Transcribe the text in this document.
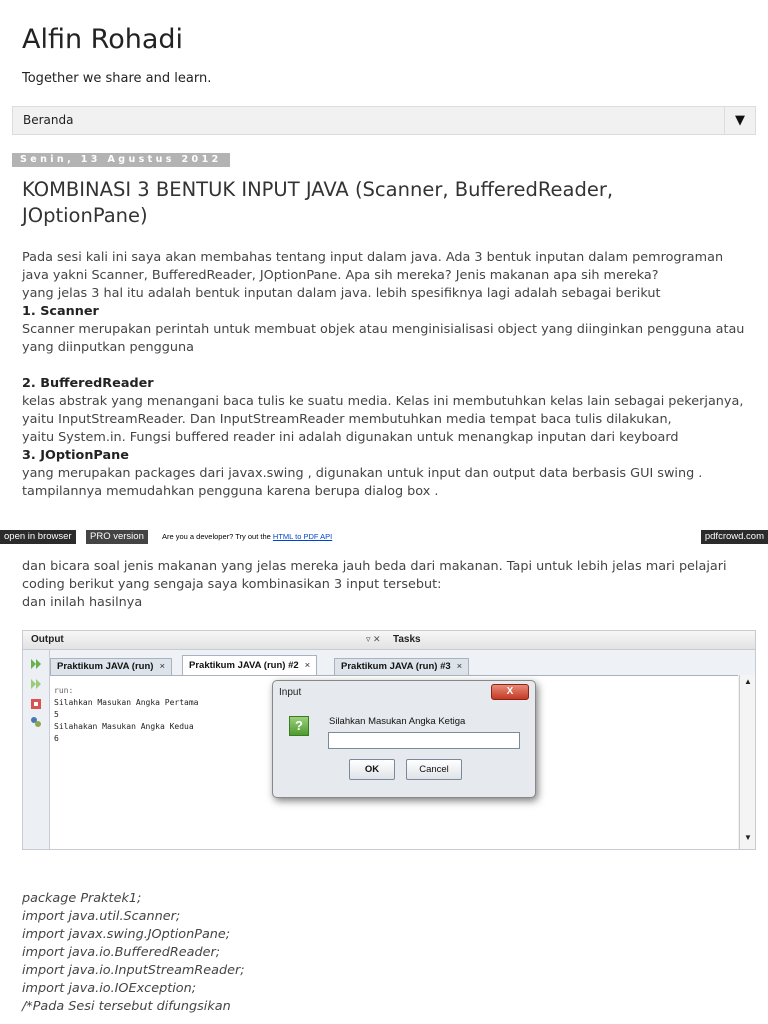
Alfin Rohadi
Together we share and learn.
Beranda	▼
Senin, 13 Agustus 2012
KOMBINASI 3 BENTUK INPUT JAVA (Scanner, BufferedReader, JOptionPane)
Pada sesi kali ini saya akan membahas tentang input dalam java. Ada 3 bentuk inputan dalam pemrograman
java yakni Scanner, BufferedReader, JOptionPane. Apa sih mereka? Jenis makanan apa sih mereka?
yang jelas 3 hal itu adalah bentuk inputan dalam java. lebih spesifiknya lagi adalah sebagai berikut
1. Scanner
Scanner merupakan perintah untuk membuat objek atau menginisialisasi object yang diinginkan pengguna atau
yang diinputkan pengguna
2. BufferedReader
kelas abstrak yang menangani baca tulis ke suatu media. Kelas ini membutuhkan kelas lain sebagai pekerjanya,
yaitu InputStreamReader. Dan InputStreamReader membutuhkan media tempat baca tulis dilakukan,
yaitu System.in. Fungsi buffered reader ini adalah digunakan untuk menangkap inputan dari keyboard
3. JOptionPane
yang merupakan packages dari javax.swing , digunakan untuk input dan output data berbasis GUI swing .
tampilannya memudahkan pengguna karena berupa dialog box .
open in browser	PRO version	Are you a developer? Try out the HTML to PDF API	pdfcrowd.com
dan bicara soal jenis makanan yang jelas mereka jauh beda dari makanan. Tapi untuk lebih jelas mari pelajari
coding berikut yang sengaja saya kombinasikan 3 input tersebut:
dan inilah hasilnya
Output	▿ ✕ Tasks
Praktikum JAVA (run) ×	Praktikum JAVA (run) #2 ×	Praktikum JAVA (run) #3 ×
run:
Silahkan Masukan Angka Pertama
5
Silahakan Masukan Angka Kedua
6
▲
▼
Input	X
?	Silahkan Masukan Angka Ketiga
OK	Cancel
package Praktek1;
import java.util.Scanner;
import javax.swing.JOptionPane;
import java.io.BufferedReader;
import java.io.InputStreamReader;
import java.io.IOException;
/*Pada Sesi tersebut difungsikan
